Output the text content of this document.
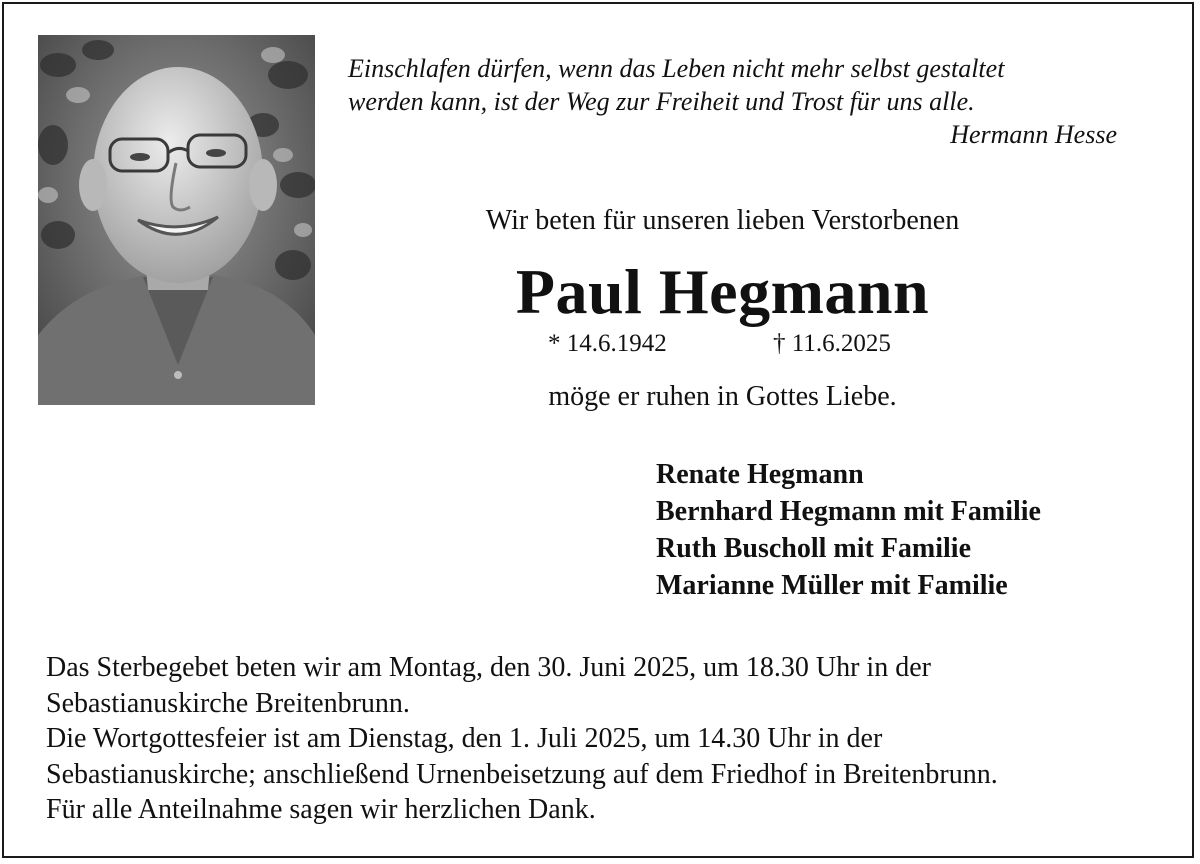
Einschlafen dürfen, wenn das Leben nicht mehr selbst gestaltet
werden kann, ist der Weg zur Freiheit und Trost für uns alle.
Hermann Hesse
Wir beten für unseren lieben Verstorbenen
Paul Hegmann
* 14.6.1942	† 11.6.2025
möge er ruhen in Gottes Liebe.
Renate Hegmann
Bernhard Hegmann mit Familie
Ruth Buscholl mit Familie
Marianne Müller mit Familie
Das Sterbegebet beten wir am Montag, den 30. Juni 2025, um 18.30 Uhr in der
Sebastianuskirche Breitenbrunn.
Die Wortgottesfeier ist am Dienstag, den 1. Juli 2025, um 14.30 Uhr in der
Sebastianuskirche; anschließend Urnenbeisetzung auf dem Friedhof in Breitenbrunn.
Für alle Anteilnahme sagen wir herzlichen Dank.
